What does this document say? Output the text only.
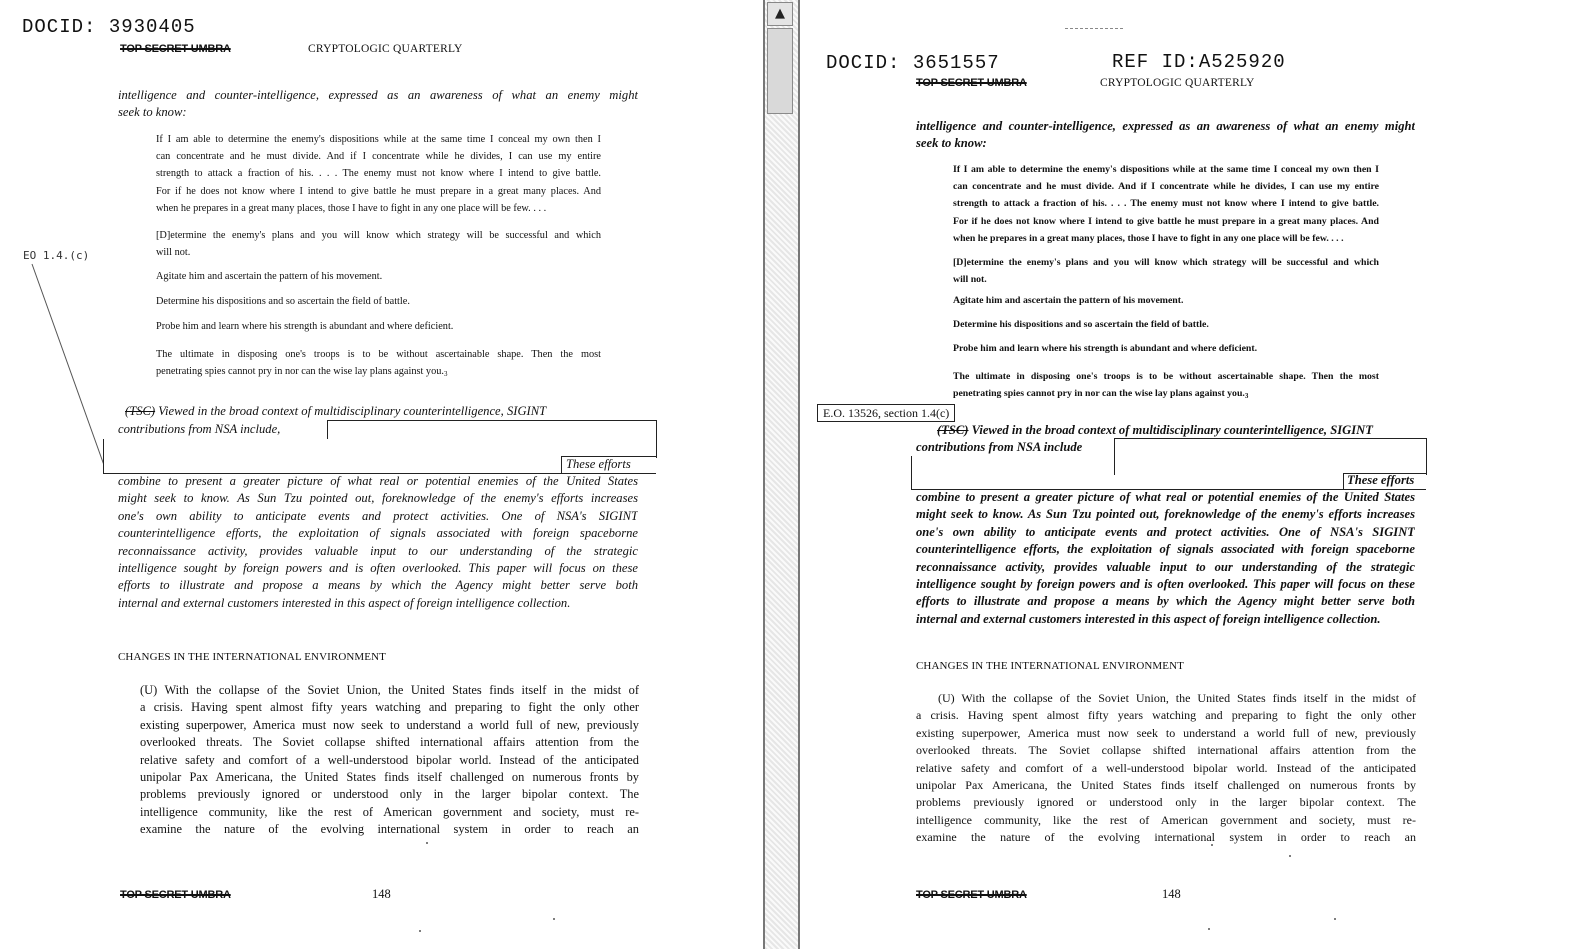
DOCID: 3930405
TOP SECRET UMBRA	CRYPTOLOGIC QUARTERLY

intelligence and counter-intelligence, expressed as an awareness of what an enemy might
seek to know:

If I am able to determine the enemy's dispositions while at the same time I conceal my own then I
can concentrate and he must divide. And if I concentrate while he divides, I can use my entire
strength to attack a fraction of his. . . . The enemy must not know where I intend to give battle.
For if he does not know where I intend to give battle he must prepare in a great many places. And
when he prepares in a great many places, those I have to fight in any one place will be few. . . .

[D]etermine the enemy's plans and you will know which strategy will be successful and which
will not.

EO 1.4.(c)
Agitate him and ascertain the pattern of his movement.
Determine his dispositions and so ascertain the field of battle.
Probe him and learn where his strength is abundant and where deficient.

The ultimate in disposing one's troops is to be without ascertainable shape. Then the most
penetrating spies cannot pry in nor can the wise lay plans against you.$^3$

(TSC) Viewed in the broad context of multidisciplinary counterintelligence, SIGINT
contributions from NSA include,
These efforts

combine to present a greater picture of what real or potential enemies of the United States
might seek to know. As Sun Tzu pointed out, foreknowledge of the enemy's efforts increases
one's own ability to anticipate events and protect activities. One of NSA's SIGINT
counterintelligence efforts, the exploitation of signals associated with foreign spaceborne
reconnaissance activity, provides valuable input to our understanding of the strategic
intelligence sought by foreign powers and is often overlooked. This paper will focus on these
efforts to illustrate and propose a means by which the Agency might better serve both
internal and external customers interested in this aspect of foreign intelligence collection.

CHANGES IN THE INTERNATIONAL ENVIRONMENT

(U) With the collapse of the Soviet Union, the United States finds itself in the midst of
a crisis. Having spent almost fifty years watching and preparing to fight the only other
existing superpower, America must now seek to understand a world full of new, previously
overlooked threats. The Soviet collapse shifted international affairs attention from the
relative safety and comfort of a well-understood bipolar world. Instead of the anticipated
unipolar Pax Americana, the United States finds itself challenged on numerous fronts by
problems previously ignored or understood only in the larger bipolar context. The
intelligence community, like the rest of American government and society, must re-
examine the nature of the evolving international system in order to reach an

TOP SECRET UMBRA	148
▲
DOCID: 3651557	REF ID:A525920
TOP SECRET UMBRA	CRYPTOLOGIC QUARTERLY

intelligence and counter-intelligence, expressed as an awareness of what an enemy might
seek to know:

If I am able to determine the enemy's dispositions while at the same time I conceal my own then I
can concentrate and he must divide. And if I concentrate while he divides, I can use my entire
strength to attack a fraction of his. . . . The enemy must not know where I intend to give battle.
For if he does not know where I intend to give battle he must prepare in a great many places. And
when he prepares in a great many places, those I have to fight in any one place will be few. . . .

[D]etermine the enemy's plans and you will know which strategy will be successful and which
will not.

Agitate him and ascertain the pattern of his movement.
Determine his dispositions and so ascertain the field of battle.
Probe him and learn where his strength is abundant and where deficient.

The ultimate in disposing one's troops is to be without ascertainable shape. Then the most
penetrating spies cannot pry in nor can the wise lay plans against you.$^3$

E.O. 13526, section 1.4(c)
(TSC) Viewed in the broad context of multidisciplinary counterintelligence, SIGINT
contributions from NSA include
These efforts

combine to present a greater picture of what real or potential enemies of the United States
might seek to know. As Sun Tzu pointed out, foreknowledge of the enemy's efforts increases
one's own ability to anticipate events and protect activities. One of NSA's SIGINT
counterintelligence efforts, the exploitation of signals associated with foreign spaceborne
reconnaissance activity, provides valuable input to our understanding of the strategic
intelligence sought by foreign powers and is often overlooked. This paper will focus on these
efforts to illustrate and propose a means by which the Agency might better serve both
internal and external customers interested in this aspect of foreign intelligence collection.

CHANGES IN THE INTERNATIONAL ENVIRONMENT

(U) With the collapse of the Soviet Union, the United States finds itself in the midst of
a crisis. Having spent almost fifty years watching and preparing to fight the only other
existing superpower, America must now seek to understand a world full of new, previously
overlooked threats. The Soviet collapse shifted international affairs attention from the
relative safety and comfort of a well-understood bipolar world. Instead of the anticipated
unipolar Pax Americana, the United States finds itself challenged on numerous fronts by
problems previously ignored or understood only in the larger bipolar context. The
intelligence community, like the rest of American government and society, must re-
examine the nature of the evolving international system in order to reach an

TOP SECRET UMBRA	148
